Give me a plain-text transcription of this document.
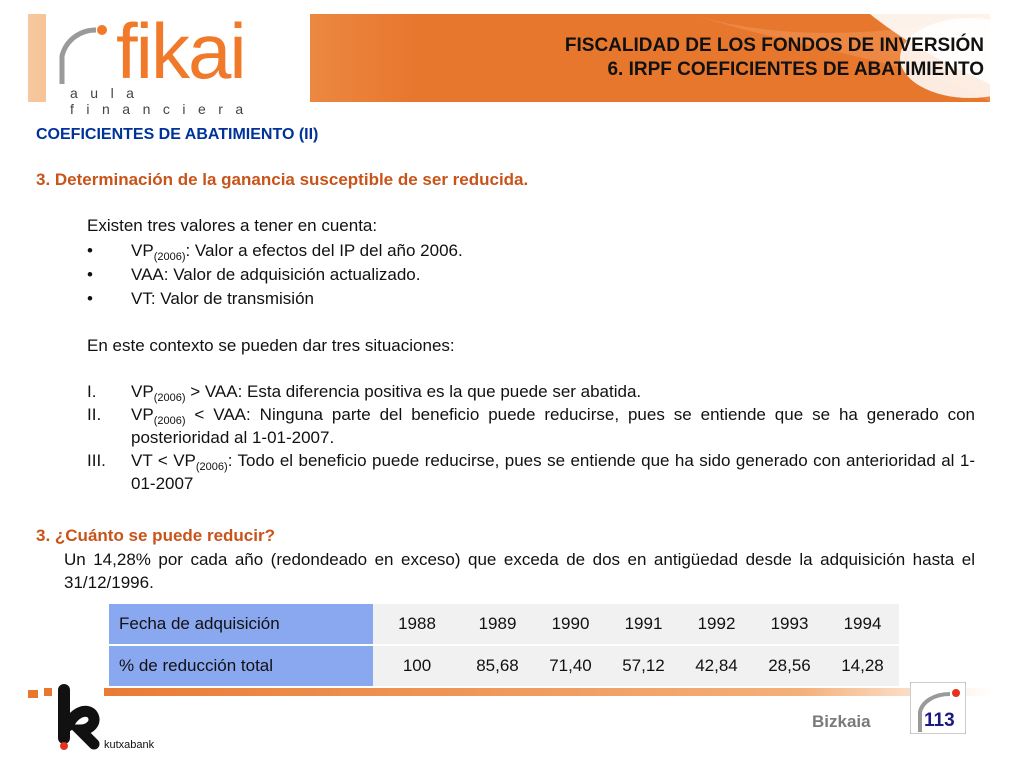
fikai
aula financiera
FISCALIDAD DE LOS FONDOS DE INVERSIÓN
6. IRPF COEFICIENTES DE ABATIMIENTO
COEFICIENTES DE ABATIMIENTO (II)
3. Determinación de la ganancia susceptible de ser reducida.
Existen tres valores a tener en cuenta:
•	$VP_{(2006)}$: Valor a efectos del IP del año 2006.
•	VAA: Valor de adquisición actualizado.
•	VT: Valor de transmisión
En este contexto se pueden dar tres situaciones:
I.	$VP_{(2006)}$ > VAA: Esta diferencia positiva es la que puede ser abatida.
II.	$VP_{(2006)}$ < VAA: Ninguna parte del beneficio puede reducirse, pues se entiende que se ha generado con posterioridad al 1-01-2007.
III.	VT < $VP_{(2006)}$: Todo el beneficio puede reducirse, pues se entiende que ha sido generado con anterioridad al 1-01-2007
3. ¿Cuánto se puede reducir?
Un 14,28% por cada año (redondeado en exceso) que exceda de dos en antigüedad desde la adquisición hasta el 31/12/1996.
Fecha de adquisición	1988	1989	1990	1991	1992	1993	1994
% de reducción total	100	85,68	71,40	57,12	42,84	28,56	14,28
kutxabank
Bizkaia	113
